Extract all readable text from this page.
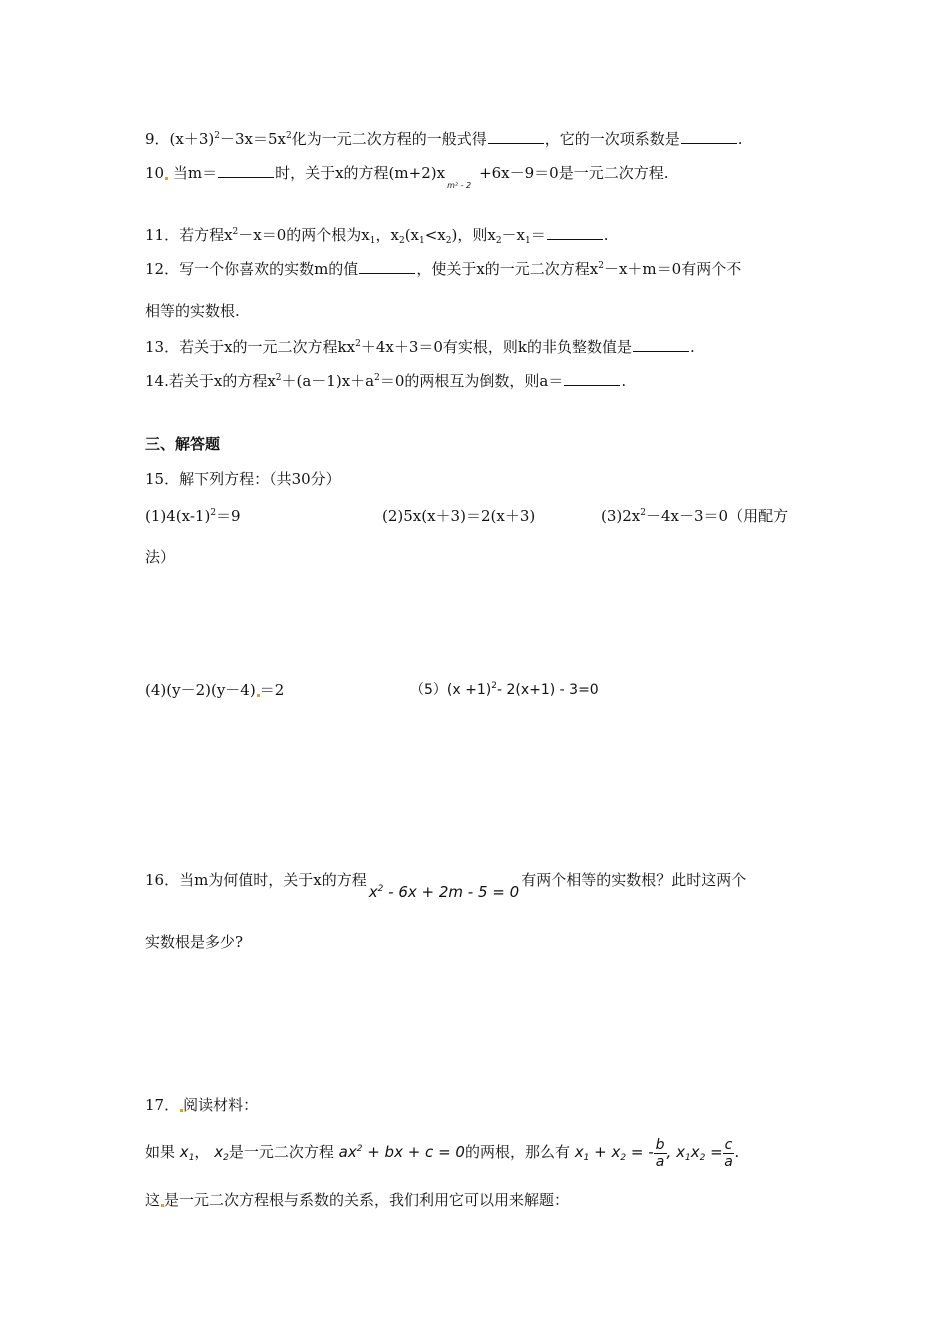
9．$(x+3)^2-3x=5x^2$化为一元二次方程的一般式得	，它的一次项系数是	.
10 当m＝	时，关于x的方程(m+2)x
m² - 2
+6x－9＝0是一元二次方程.
11．若方程$x^2-x=0$的两个根为$x_1$，$x_2(x_1<x_2)$，则$x_2-x_1=$	.
12．写一个你喜欢的实数m的值	，使关于x的一元二次方程$x^2-x+m=0$有两个不
相等的实数根.
13．若关于x的一元二次方程$kx^2+4x+3=0$有实根，则k的非负整数值是	.
14.若关于x的方程$x^2+(a-1)x+a^2=0$的两根互为倒数，则a＝	.
三、解答题
15．解下列方程：（共30分）
$(1)4(x-1)^2=9$	(2)5x(x＋3)＝2(x＋3)	$(3)2x^2-4x-3=0$（用配方
法）
(4)(y－2)(y－4) ＝2	$(5)(x +1)^2-$ 2(x+1) - 3=0
16．当m为何值时，关于x的方程$x^2 - 6x + 2m - 5 = 0$有两个相等的实数根？此时这两个
实数根是多少?
17． 阅读材料：
如果 $x_1$， $x_2$是一元二次方程 $ax^2$ + bx + c = 0的两根，那么有 $x_1 + x_2$ = - $\frac{b}{a}$ , $x_1x_2 = \frac{c}{a}$ .
这 是一元二次方程根与系数的关系，我们利用它可以用来解题：
